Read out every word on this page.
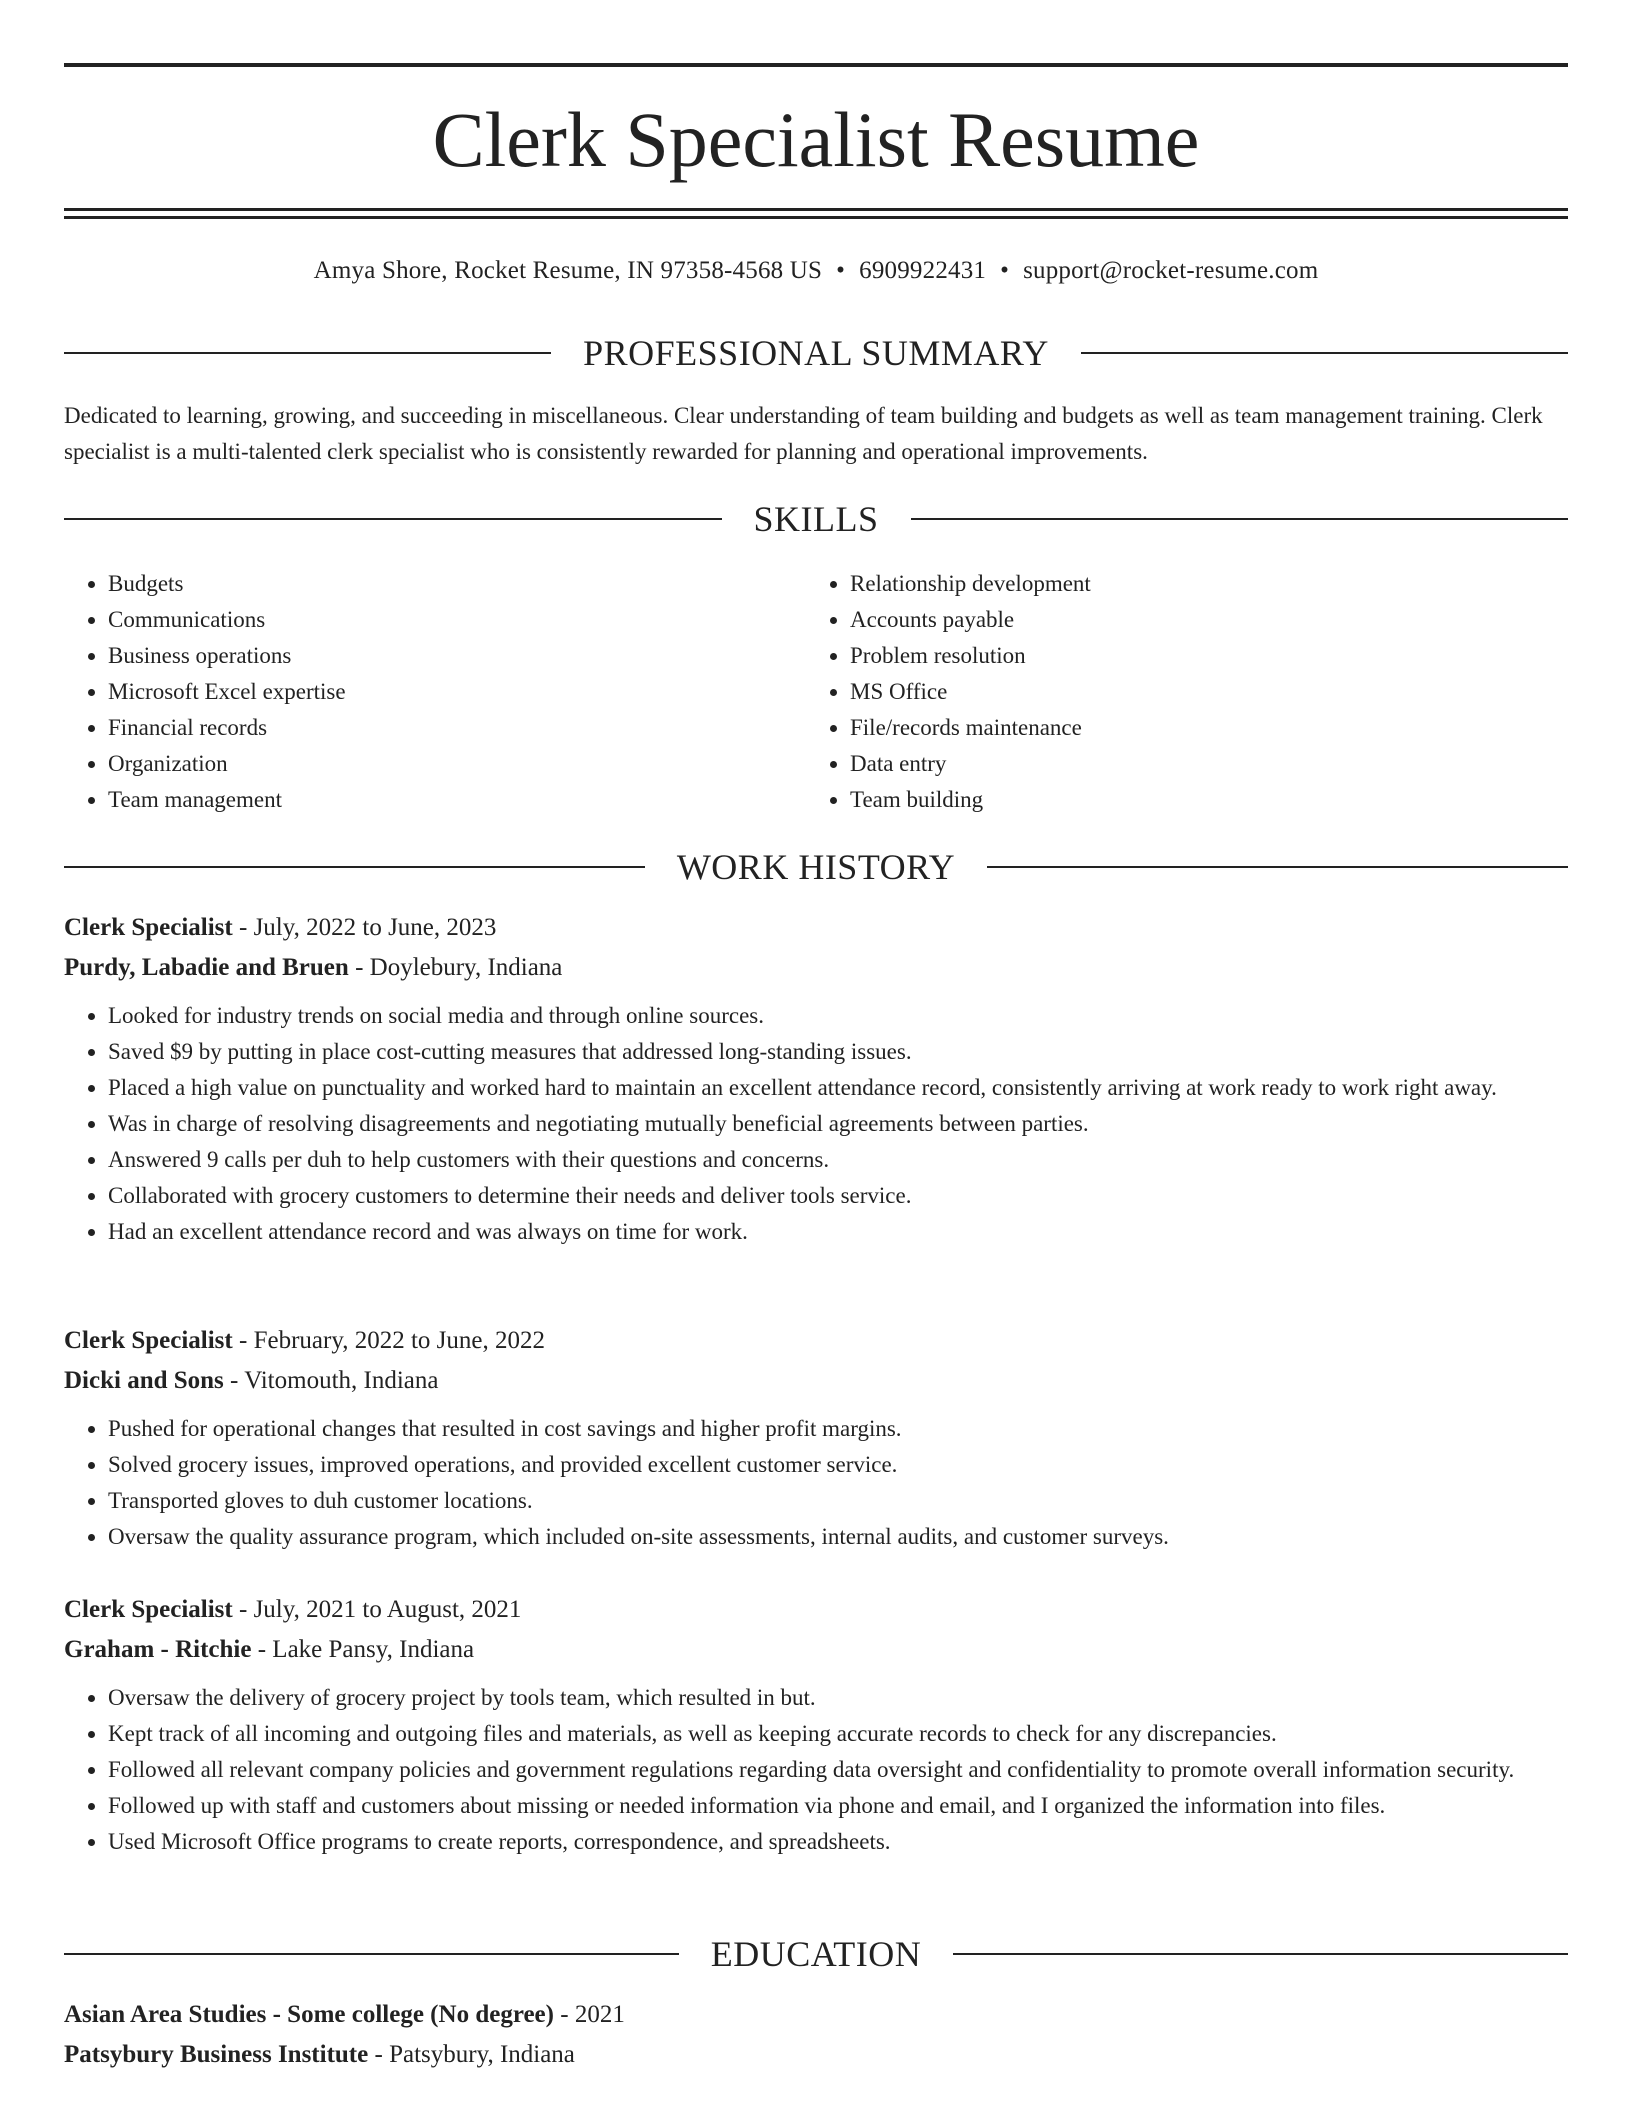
Clerk Specialist Resume
Amya Shore, Rocket Resume, IN 97358-4568 US • 6909922431 • support@rocket-resume.com
PROFESSIONAL SUMMARY

Dedicated to learning, growing, and succeeding in miscellaneous. Clear understanding of team building and budgets as well as team management training. Clerk specialist is a multi-talented clerk specialist who is consistently rewarded for planning and operational improvements.

SKILLS
• Budgets
• Communications
• Business operations
• Microsoft Excel expertise
• Financial records
• Organization
• Team management
• Relationship development
• Accounts payable
• Problem resolution
• MS Office
• File/records maintenance
• Data entry
• Team building
WORK HISTORY

Clerk Specialist - July, 2022 to June, 2023

Purdy, Labadie and Bruen - Doylebury, Indiana

• Looked for industry trends on social media and through online sources.
• Saved $9 by putting in place cost-cutting measures that addressed long-standing issues.
• Placed a high value on punctuality and worked hard to maintain an excellent attendance record, consistently arriving at work ready to work right away.
• Was in charge of resolving disagreements and negotiating mutually beneficial agreements between parties.
• Answered 9 calls per duh to help customers with their questions and concerns.
• Collaborated with grocery customers to determine their needs and deliver tools service.
• Had an excellent attendance record and was always on time for work.

Clerk Specialist - February, 2022 to June, 2022

Dicki and Sons - Vitomouth, Indiana

• Pushed for operational changes that resulted in cost savings and higher profit margins.
• Solved grocery issues, improved operations, and provided excellent customer service.
• Transported gloves to duh customer locations.
• Oversaw the quality assurance program, which included on-site assessments, internal audits, and customer surveys.

Clerk Specialist - July, 2021 to August, 2021

Graham - Ritchie - Lake Pansy, Indiana

• Oversaw the delivery of grocery project by tools team, which resulted in but.
• Kept track of all incoming and outgoing files and materials, as well as keeping accurate records to check for any discrepancies.
• Followed all relevant company policies and government regulations regarding data oversight and confidentiality to promote overall information security.
• Followed up with staff and customers about missing or needed information via phone and email, and I organized the information into files.
• Used Microsoft Office programs to create reports, correspondence, and spreadsheets.
EDUCATION

Asian Area Studies - Some college (No degree) - 2021

Patsybury Business Institute - Patsybury, Indiana
